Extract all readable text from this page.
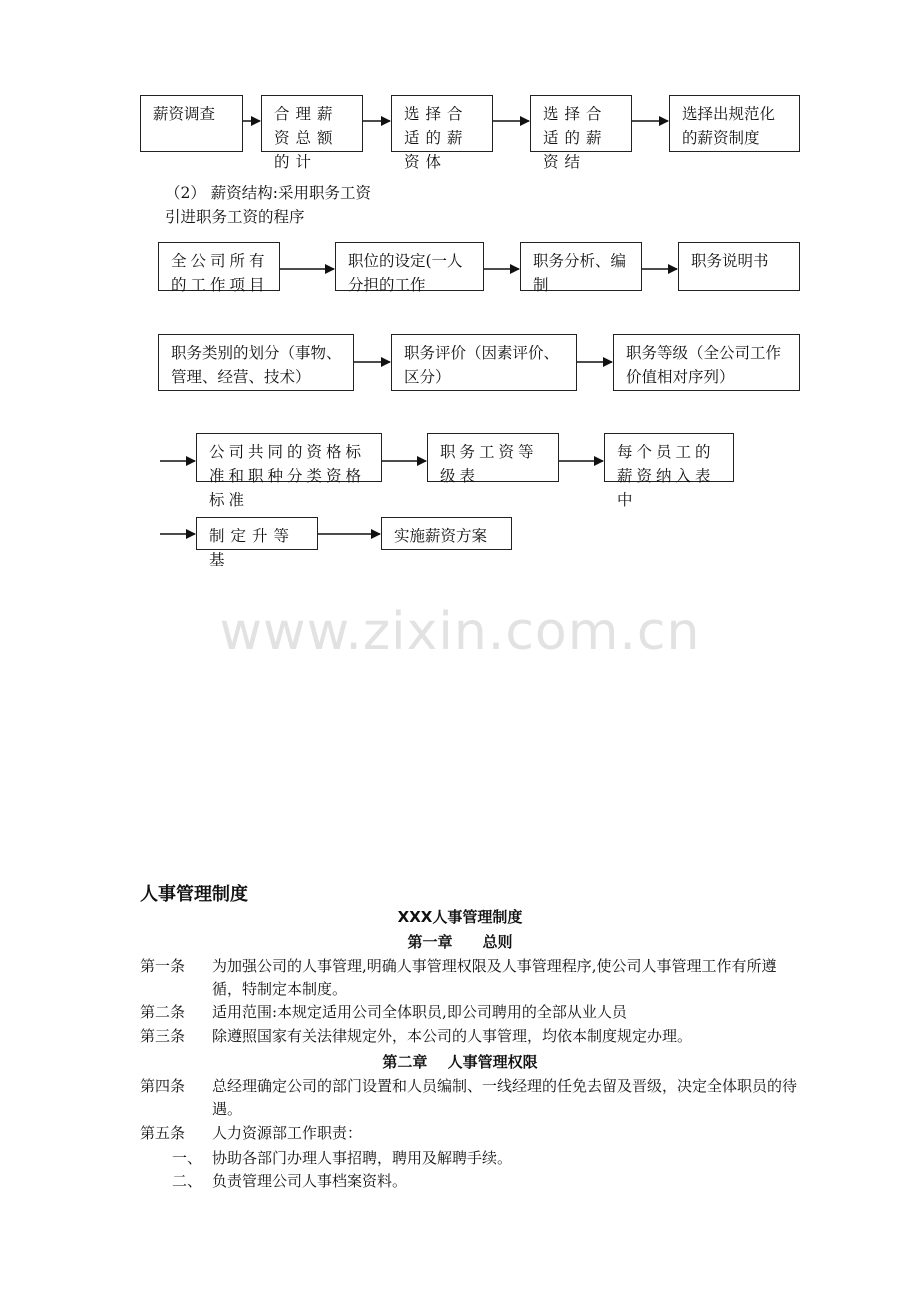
薪资调查	合理薪资总额的计
选择合适的薪资体
选择合适的薪资结
选择出规范化的薪资制度
（2） 薪资结构:采用职务工资
引进职务工资的程序
全公司所有的工作项目
职位的设定(一人分担的工作
职务分析、编制
职务说明书
职务类别的划分（事物、管理、经营、技术）
职务评价（因素评价、区分）
职务等级（全公司工作价值相对序列）
公司共同的资格标准和职种分类资格标准
职务工资等级表
每个员工的薪资纳入表中
制定升等基
实施薪资方案
www.zixin.com.cn
人事管理制度
XXX人事管理制度
第一章　　总则
第一条 为加强公司的人事管理,明确人事管理权限及人事管理程序,使公司人事管理工作有所遵循，特制定本制度。
第二条 适用范围:本规定适用公司全体职员,即公司聘用的全部从业人员
第三条 除遵照国家有关法律规定外，本公司的人事管理，均依本制度规定办理。
第二章　 人事管理权限
第四条 总经理确定公司的部门设置和人员编制、一线经理的任免去留及晋级，决定全体职员的待遇。
第五条 人力资源部工作职责：
一、 协助各部门办理人事招聘，聘用及解聘手续。
二、 负责管理公司人事档案资料。
